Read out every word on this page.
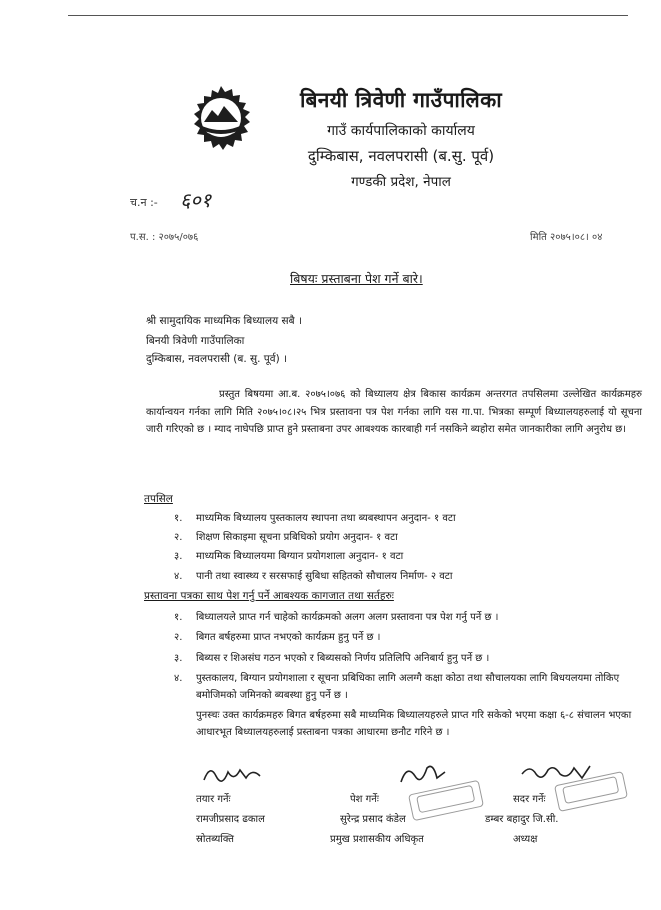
बिनयी त्रिवेणी गाउँपालिका
गाउँ कार्यपालिकाको कार्यालय
दुम्किबास, नवलपरासी (ब.सु. पूर्व)
गण्डकी प्रदेश, नेपाल
च.न :- ६०१
प.स. : २०७५/०७६	मिति २०७५।०८। ०४
बिषयः प्रस्ताबना पेश गर्ने बारे।
श्री सामुदायिक माध्यमिक बिध्यालय सबै ।
बिनयी त्रिवेणी गाउँपालिका
दुम्किबास, नवलपरासी (ब. सु. पूर्व) ।
प्रस्तुत बिषयमा आ.ब. २०७५।०७६ को बिध्यालय क्षेत्र बिकास कार्यक्रम अन्तरगत तपसिलमा उल्लेखित कार्यक्रमहरु कार्यान्वयन गर्नका लागि मिति २०७५।०८।२५ भित्र प्रस्तावना पत्र पेश गर्नका लागि यस गा.पा. भित्रका सम्पूर्ण बिध्यालयहरुलाई यो सूचना जारी गरिएको छ । म्याद नाघेपछि प्राप्त हुने प्रस्ताबना उपर आबश्यक कारबाही गर्न नसकिने ब्यहोरा समेत जानकारीका लागि अनुरोध छ।
तपसिल
१. माध्यमिक बिध्यालय पुस्तकालय स्थापना तथा ब्यबस्थापन अनुदान- १ वटा
२. शिक्षण सिकाइमा सूचना प्रबिधिको प्रयोग अनुदान- १ वटा
३. माध्यमिक बिध्यालयमा बिग्यान प्रयोगशाला अनुदान- १ वटा
४. पानी तथा स्वास्थ्य र सरसफाई सुबिधा सहितको सौचालय निर्माण- २ वटा
प्रस्तावना पत्रका साथ पेश गर्नु पर्ने आबश्यक कागजात तथा सर्तहरुः
१. बिध्यालयले प्राप्त गर्न चाहेको कार्यक्रमको अलग अलग प्रस्तावना पत्र पेश गर्नु पर्ने छ ।
२. बिगत बर्षहरुमा प्राप्त नभएको कार्यक्रम हुनु पर्ने छ ।
३. बिब्यस र शिअसंघ गठन भएको र बिब्यसको निर्णय प्रतिलिपि अनिबार्य हुनु पर्ने छ ।
४. पुस्तकालय, बिग्यान प्रयोगशाला र सूचना प्रबिधिका लागि अलग्गै कक्षा कोठा तथा सौचालयका लागि बिधयलयमा तोकिए बमोजिमको जमिनको ब्यबस्था हुनु पर्ने छ ।
पुनस्चः उक्त कार्यक्रमहरु बिगत बर्षहरुमा सबै माध्यमिक बिध्यालयहरुले प्राप्त गरि सकेको भएमा कक्षा ६-८ संचालन भएका आधारभूत बिध्यालयहरुलाई प्रस्ताबना पत्रका आधारमा छनौट गरिने छ ।
तयार गर्नेः
रामजीप्रसाद ढकाल
स्रोतब्यक्ति
पेश गर्नेः
सुरेन्द्र प्रसाद कंडेल
प्रमुख प्रशासकीय अधिकृत
सदर गर्नेः
डम्बर बहादुर जि.सी.
अध्यक्ष
